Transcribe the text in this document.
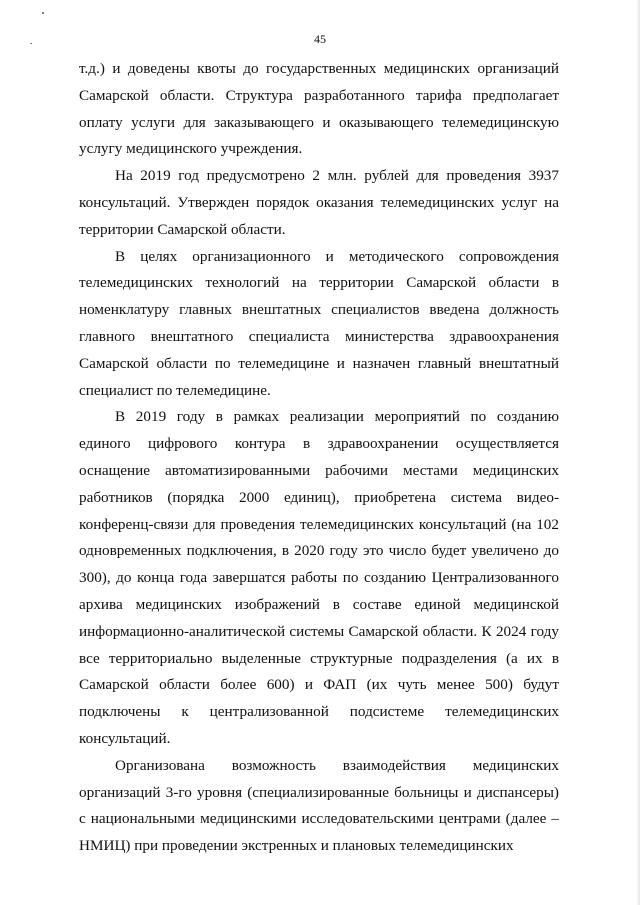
45

т.д.) и доведены квоты до государственных медицинских организаций Самарской области. Структура разработанного тарифа предполагает оплату услуги для заказывающего и оказывающего телемедицинскую услугу медицинского учреждения.

На 2019 год предусмотрено 2 млн. рублей для проведения 3937 консультаций. Утвержден порядок оказания телемедицинских услуг на территории Самарской области.

В целях организационного и методического сопровождения телемедицинских технологий на территории Самарской области в номенклатуру главных внештатных специалистов введена должность главного внештатного специалиста министерства здравоохранения Самарской области по телемедицине и назначен главный внештатный специалист по телемедицине.

В 2019 году в рамках реализации мероприятий по созданию единого цифрового контура в здравоохранении осуществляется оснащение автоматизированными рабочими местами медицинских работников (порядка 2000 единиц), приобретена система видео-конференц-связи для проведения телемедицинских консультаций (на 102 одновременных подключения, в 2020 году это число будет увеличено до 300), до конца года завершатся работы по созданию Централизованного архива медицинских изображений в составе единой медицинской информационно-аналитической системы Самарской области. К 2024 году все территориально выделенные структурные подразделения (а их в Самарской области более 600) и ФАП (их чуть менее 500) будут подключены к централизованной подсистеме телемедицинских консультаций.

Организована возможность взаимодействия медицинских организаций 3-го уровня (специализированные больницы и диспансеры) с национальными медицинскими исследовательскими центрами (далее – НМИЦ) при проведении экстренных и плановых телемедицинских
